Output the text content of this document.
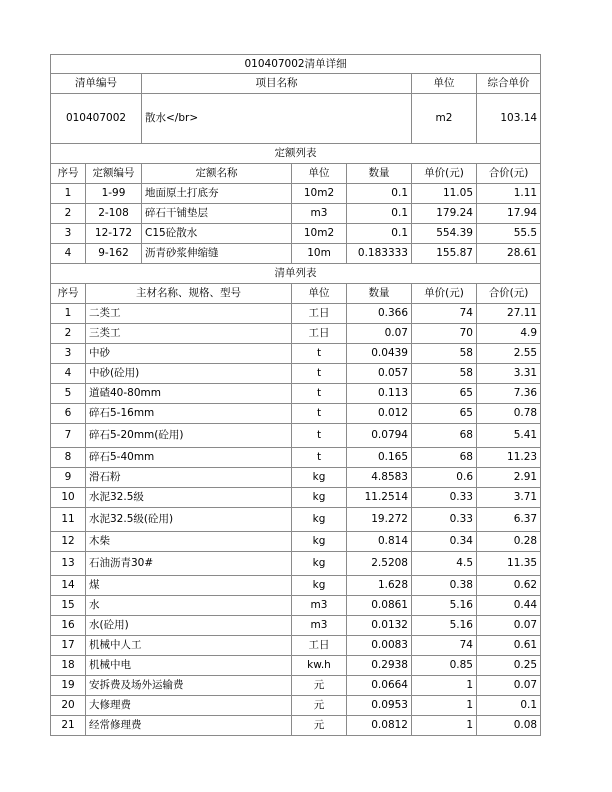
010407002清单详细						
清单编号		项目名称			单位	综合单价
010407002		散水</br>			m2	103.14
定额列表						
序号	定额编号	定额名称	单位	数量	单价(元)	合价(元)
1	1-99	地面原土打底夯	10m2	0.1	11.05	1.11
2	2-108	碎石干铺垫层	m3	0.1	179.24	17.94
3	12-172	C15砼散水	10m2	0.1	554.39	55.5
4	9-162	沥青砂浆伸缩缝	10m	0.183333	155.87	28.61
清单列表						
序号	主材名称、规格、型号		单位	数量	单价(元)	合价(元)
1	二类工		工日	0.366	74	27.11
2	三类工		工日	0.07	70	4.9
3	中砂		t	0.0439	58	2.55
4	中砂(砼用)		t	0.057	58	3.31
5	道碴40-80mm		t	0.113	65	7.36
6	碎石5-16mm		t	0.012	65	0.78
7	碎石5-20mm(砼用)		t	0.0794	68	5.41
8	碎石5-40mm		t	0.165	68	11.23
9	滑石粉		kg	4.8583	0.6	2.91
10	水泥32.5级		kg	11.2514	0.33	3.71
11	水泥32.5级(砼用)		kg	19.272	0.33	6.37
12	木柴		kg	0.814	0.34	0.28
13	石油沥青30#		kg	2.5208	4.5	11.35
14	煤		kg	1.628	0.38	0.62
15	水		m3	0.0861	5.16	0.44
16	水(砼用)		m3	0.0132	5.16	0.07
17	机械中人工		工日	0.0083	74	0.61
18	机械中电		kw.h	0.2938	0.85	0.25
19	安拆费及场外运输费		元	0.0664	1	0.07
20	大修理费		元	0.0953	1	0.1
21	经常修理费		元	0.0812	1	0.08
